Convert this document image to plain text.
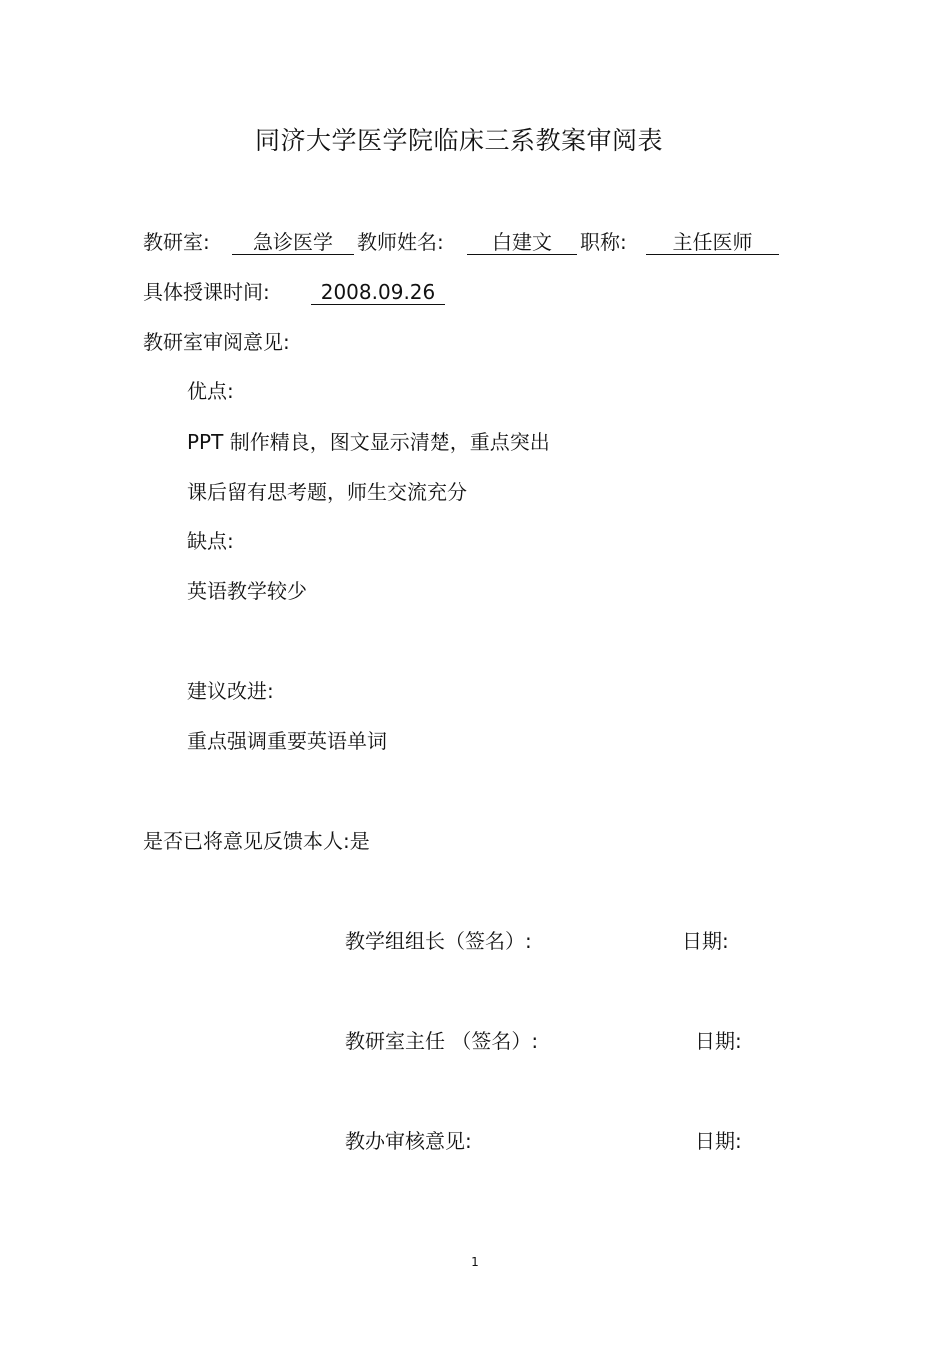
同济大学医学院临床三系教案审阅表
教研室:	急诊医学	教师姓名:	白建文	职称:	主任医师
具体授课时间:	2008.09.26
教研室审阅意见:
优点:
PPT 制作精良，图文显示清楚，重点突出
课后留有思考题，师生交流充分
缺点:
英语教学较少
建议改进:
重点强调重要英语单词
是否已将意见反馈本人:是
教学组组长（签名）:	日期:
教研室主任 （签名）:	日期:
教办审核意见:	日期:
1
